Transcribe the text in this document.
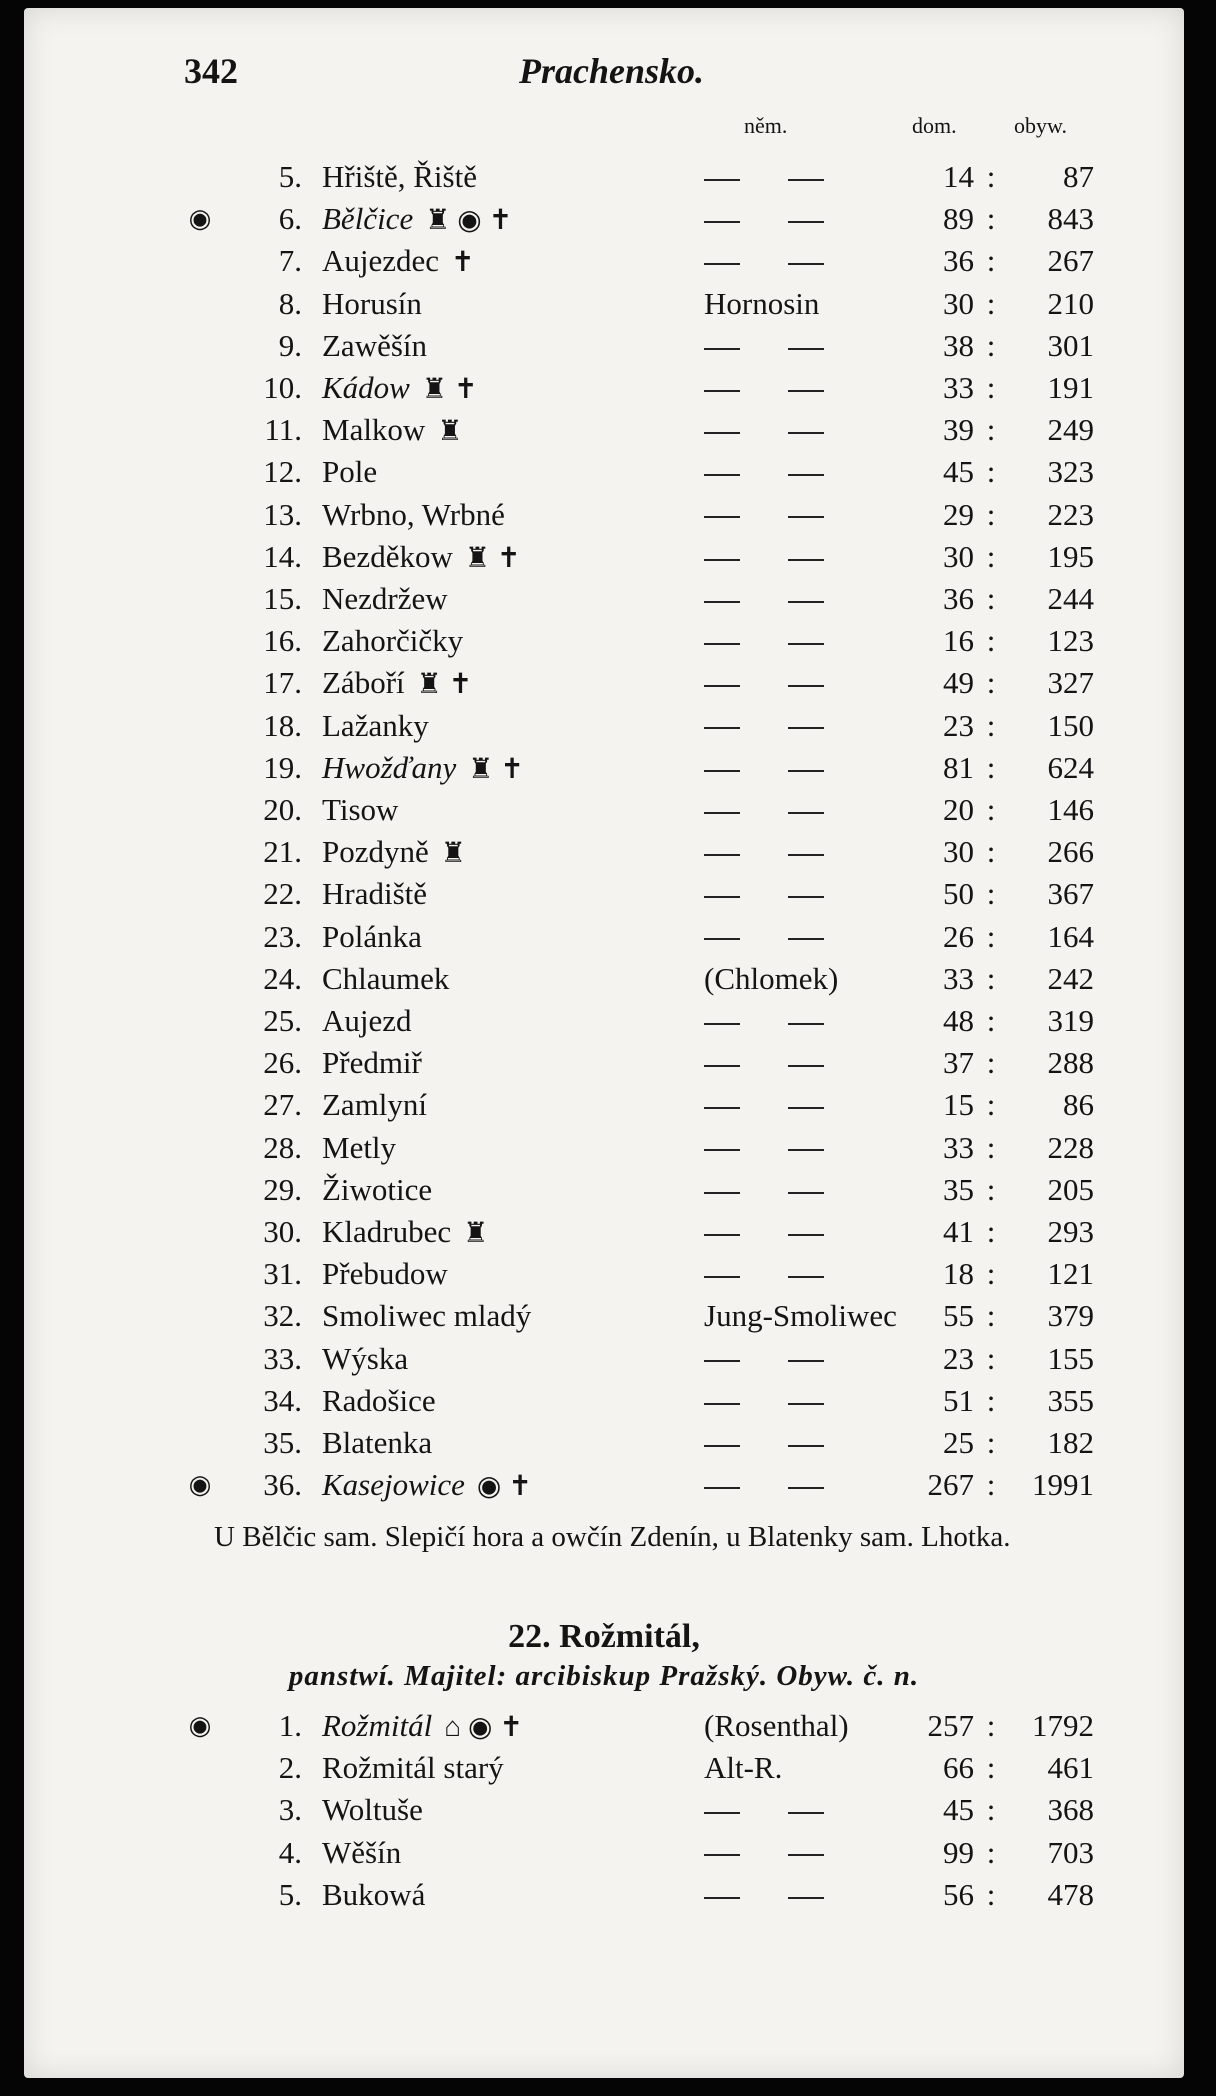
342	Prachensko.
něm.	dom.	obyw.
5. Hřiště, Řiště	14 :	87
◉	6. Bělčice ♜ ◉ ✝	89 :	843
7. Aujezdec ✝	36 :	267
8. Horusín	Hornosin	30 :	210
9. Zawěšín	38 :	301
10. Kádow ♜ ✝	33 :	191
11. Malkow ♜	39 :	249
12. Pole	45 :	323
13. Wrbno, Wrbné	29 :	223
14. Bezděkow ♜ ✝	30 :	195
15. Nezdržew	36 :	244
16. Zahorčičky	16 :	123
17. Záboří ♜ ✝	49 :	327
18. Lažanky	23 :	150
19. Hwožďany ♜ ✝	81 :	624
20. Tisow	20 :	146
21. Pozdyně ♜	30 :	266
22. Hradiště	50 :	367
23. Polánka	26 :	164
24. Chlaumek	(Chlomek)	33 :	242
25. Aujezd	48 :	319
26. Předmiř	37 :	288
27. Zamlyní	15 :	86
28. Metly	33 :	228
29. Žiwotice	35 :	205
30. Kladrubec ♜	41 :	293
31. Přebudow	18 :	121
32. Smoliwec mladý	Jung-Smoliwec	55 :	379
33. Wýska	23 :	155
34. Radošice	51 :	355
35. Blatenka	25 :	182
◉	36. Kasejowice ◉ ✝	267 :	1991
U Bělčic sam. Slepičí hora a owčín Zdenín, u Blatenky sam. Lhotka.
22. Rožmitál,
panstwí. Majitel: arcibiskup Pražský. Obyw. č. n.
◉	1. Rožmitál ⌂ ◉ ✝	(Rosenthal)	257 :	1792
2. Rožmitál starý	Alt-R.	66 :	461
3. Woltuše	45 :	368
4. Wěšín	99 :	703
5. Bukowá	56 :	478
